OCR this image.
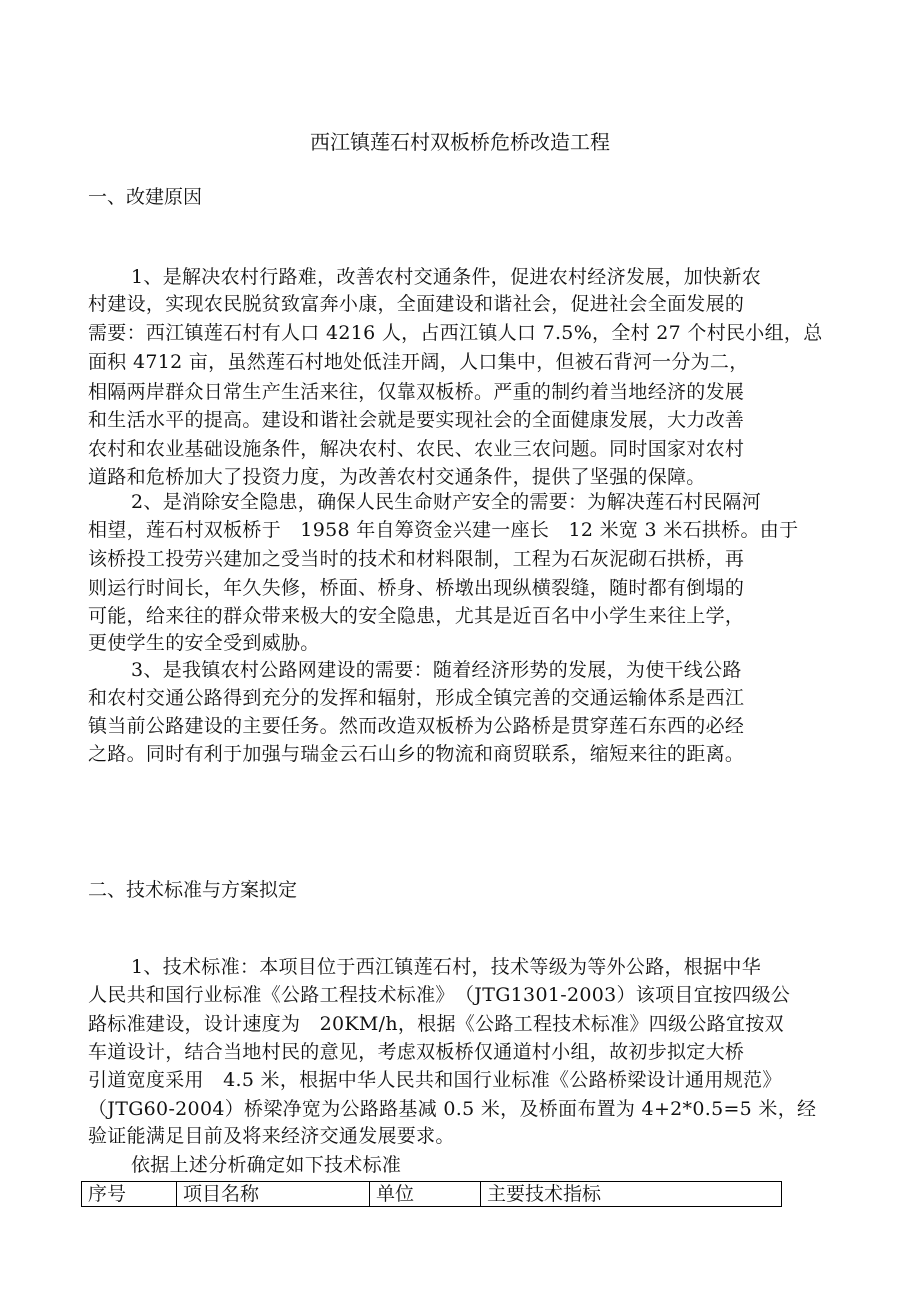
西江镇莲石村双板桥危桥改造工程
一、改建原因
1、是解决农村行路难，改善农村交通条件，促进农村经济发展，加快新农
村建设，实现农民脱贫致富奔小康，全面建设和谐社会，促进社会全面发展的
需要：西江镇莲石村有人口 4216 人，占西江镇人口 7.5%，全村 27 个村民小组，总
面积 4712 亩，虽然莲石村地处低洼开阔，人口集中，但被石背河一分为二，
相隔两岸群众日常生产生活来往，仅靠双板桥。严重的制约着当地经济的发展
和生活水平的提高。建设和谐社会就是要实现社会的全面健康发展，大力改善
农村和农业基础设施条件，解决农村、农民、农业三农问题。同时国家对农村
道路和危桥加大了投资力度，为改善农村交通条件，提供了坚强的保障。
2、是消除安全隐患，确保人民生命财产安全的需要：为解决莲石村民隔河
相望，莲石村双板桥于　1958 年自筹资金兴建一座长　12 米宽 3 米石拱桥。由于
该桥投工投劳兴建加之受当时的技术和材料限制，工程为石灰泥砌石拱桥，再
则运行时间长，年久失修，桥面、桥身、桥墩出现纵横裂缝，随时都有倒塌的
可能，给来往的群众带来极大的安全隐患，尤其是近百名中小学生来往上学，
更使学生的安全受到威胁。
3、是我镇农村公路网建设的需要：随着经济形势的发展，为使干线公路
和农村交通公路得到充分的发挥和辐射，形成全镇完善的交通运输体系是西江
镇当前公路建设的主要任务。然而改造双板桥为公路桥是贯穿莲石东西的必经
之路。同时有利于加强与瑞金云石山乡的物流和商贸联系，缩短来往的距离。
二、技术标准与方案拟定
1、技术标准：本项目位于西江镇莲石村，技术等级为等外公路，根据中华
人民共和国行业标准《公路工程技术标准》　（JTG1301-2003）该项目宜按四级公
路标准建设，设计速度为　20KM/h，根据《公路工程技术标准》四级公路宜按双
车道设计，结合当地村民的意见，考虑双板桥仅通道村小组，故初步拟定大桥
引道宽度采用　4.5 米，根据中华人民共和国行业标准《公路桥梁设计通用规范》
（JTG60-2004）桥梁净宽为公路路基减 0.5 米，及桥面布置为 4+2*0.5=5 米，经
验证能满足目前及将来经济交通发展要求。
依据上述分析确定如下技术标准
序号	项目名称	单位	主要技术指标
